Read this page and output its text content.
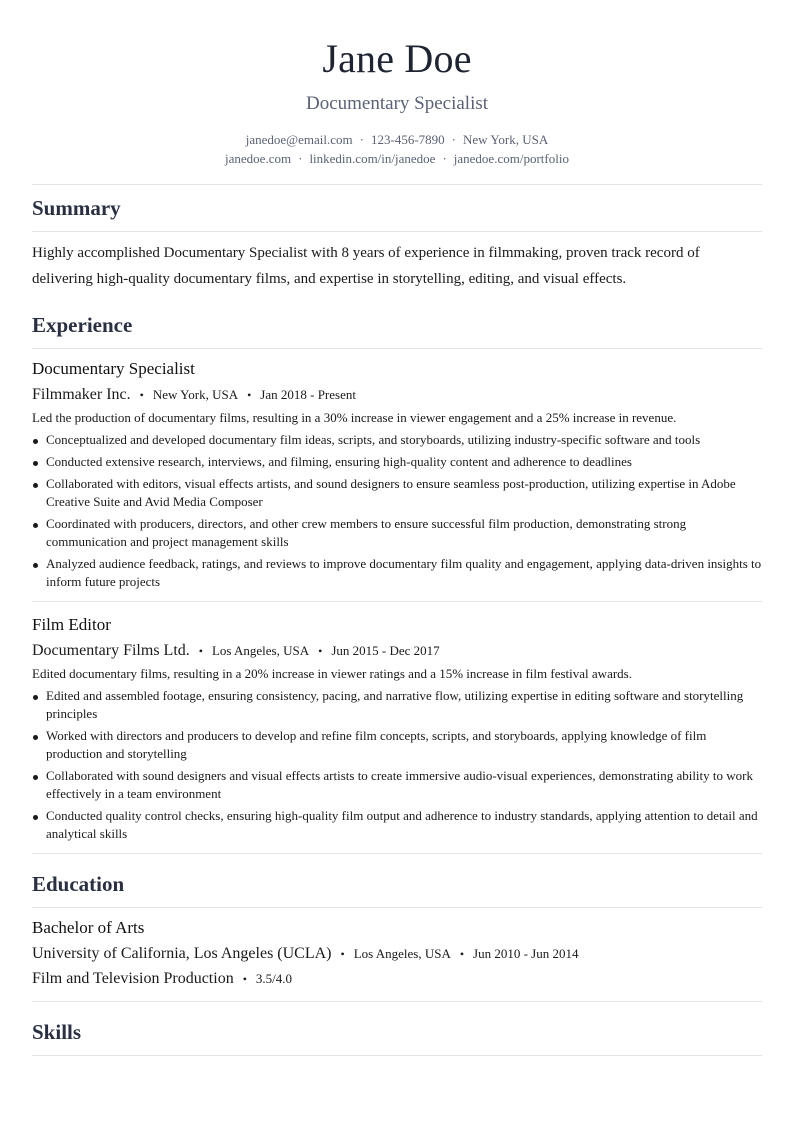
Jane Doe
Documentary Specialist
janedoe@email.com · 123-456-7890 · New York, USA
janedoe.com · linkedin.com/in/janedoe · janedoe.com/portfolio
Summary
Highly accomplished Documentary Specialist with 8 years of experience in filmmaking, proven track record of delivering high-quality documentary films, and expertise in storytelling, editing, and visual effects.
Experience
Documentary Specialist
Filmmaker Inc. • New York, USA • Jan 2018 - Present
Led the production of documentary films, resulting in a 30% increase in viewer engagement and a 25% increase in revenue.
Conceptualized and developed documentary film ideas, scripts, and storyboards, utilizing industry-specific software and tools
Conducted extensive research, interviews, and filming, ensuring high-quality content and adherence to deadlines
Collaborated with editors, visual effects artists, and sound designers to ensure seamless post-production, utilizing expertise in Adobe Creative Suite and Avid Media Composer
Coordinated with producers, directors, and other crew members to ensure successful film production, demonstrating strong communication and project management skills
Analyzed audience feedback, ratings, and reviews to improve documentary film quality and engagement, applying data-driven insights to inform future projects
Film Editor
Documentary Films Ltd. • Los Angeles, USA • Jun 2015 - Dec 2017
Edited documentary films, resulting in a 20% increase in viewer ratings and a 15% increase in film festival awards.
Edited and assembled footage, ensuring consistency, pacing, and narrative flow, utilizing expertise in editing software and storytelling principles
Worked with directors and producers to develop and refine film concepts, scripts, and storyboards, applying knowledge of film production and storytelling
Collaborated with sound designers and visual effects artists to create immersive audio-visual experiences, demonstrating ability to work effectively in a team environment
Conducted quality control checks, ensuring high-quality film output and adherence to industry standards, applying attention to detail and analytical skills
Education
Bachelor of Arts
University of California, Los Angeles (UCLA) • Los Angeles, USA • Jun 2010 - Jun 2014
Film and Television Production • 3.5/4.0
Skills
